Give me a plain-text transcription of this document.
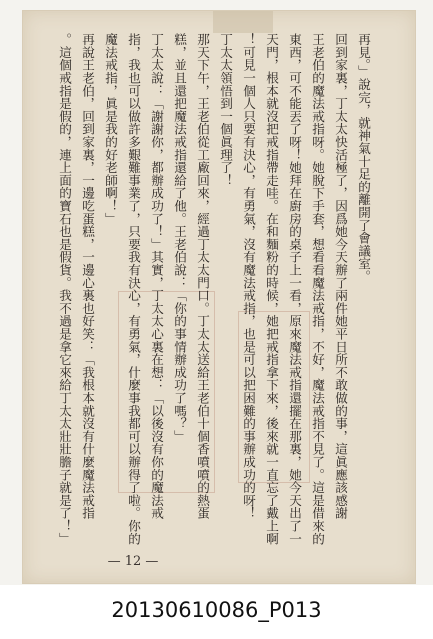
再見。」說完，就神氣十足的離開了會議室。
回到家裏，丁太太快活極了，因爲她今天辦了兩件她平日所不敢做的事，這眞應該感謝
王老伯的魔法戒指呀。她脫下手套，想看看魔法戒指，不好，魔法戒指不見了。這是借來的
東西，可不能丟了呀！她拜在廚房的桌子上一看，原來魔法戒指還擺在那裏，她今天出了一
天門，根本就沒把戒指帶走哇。在和麵粉的時候，她把戒指拿下來，後來就一直忘了戴上啊
！可見一個人只要有決心，有勇氣，沒有魔法戒指，也是可以把困難的事辦成功的呀！
丁太太領悟到一個眞理了！
那天下午，王老伯從工廠回來，經過丁太太門口。丁太太送給王老伯十個香噴噴的熱蛋
糕，並且還把魔法戒指還給了他。王老伯說：「你的事情辦成功了嗎？」
丁太太說：「謝謝你，都辦成功了！」其實，丁太太心裏在想：「以後沒有你的魔法戒
指，我也可以做許多艱難事業了，只要我有決心，有勇氣，什麼事我都可以辦得了啦。你的
魔法戒指，眞是我的好老師啊！」
再說王老伯，回到家裏，一邊吃蛋糕，一邊心裏也好笑：「我根本就沒有什麼魔法戒指
。這個戒指是假的，連上面的寶石也是假貨。我不過是拿它來給丁太太壯壯膽子就是了！」
— 12 —
20130610086_P013
